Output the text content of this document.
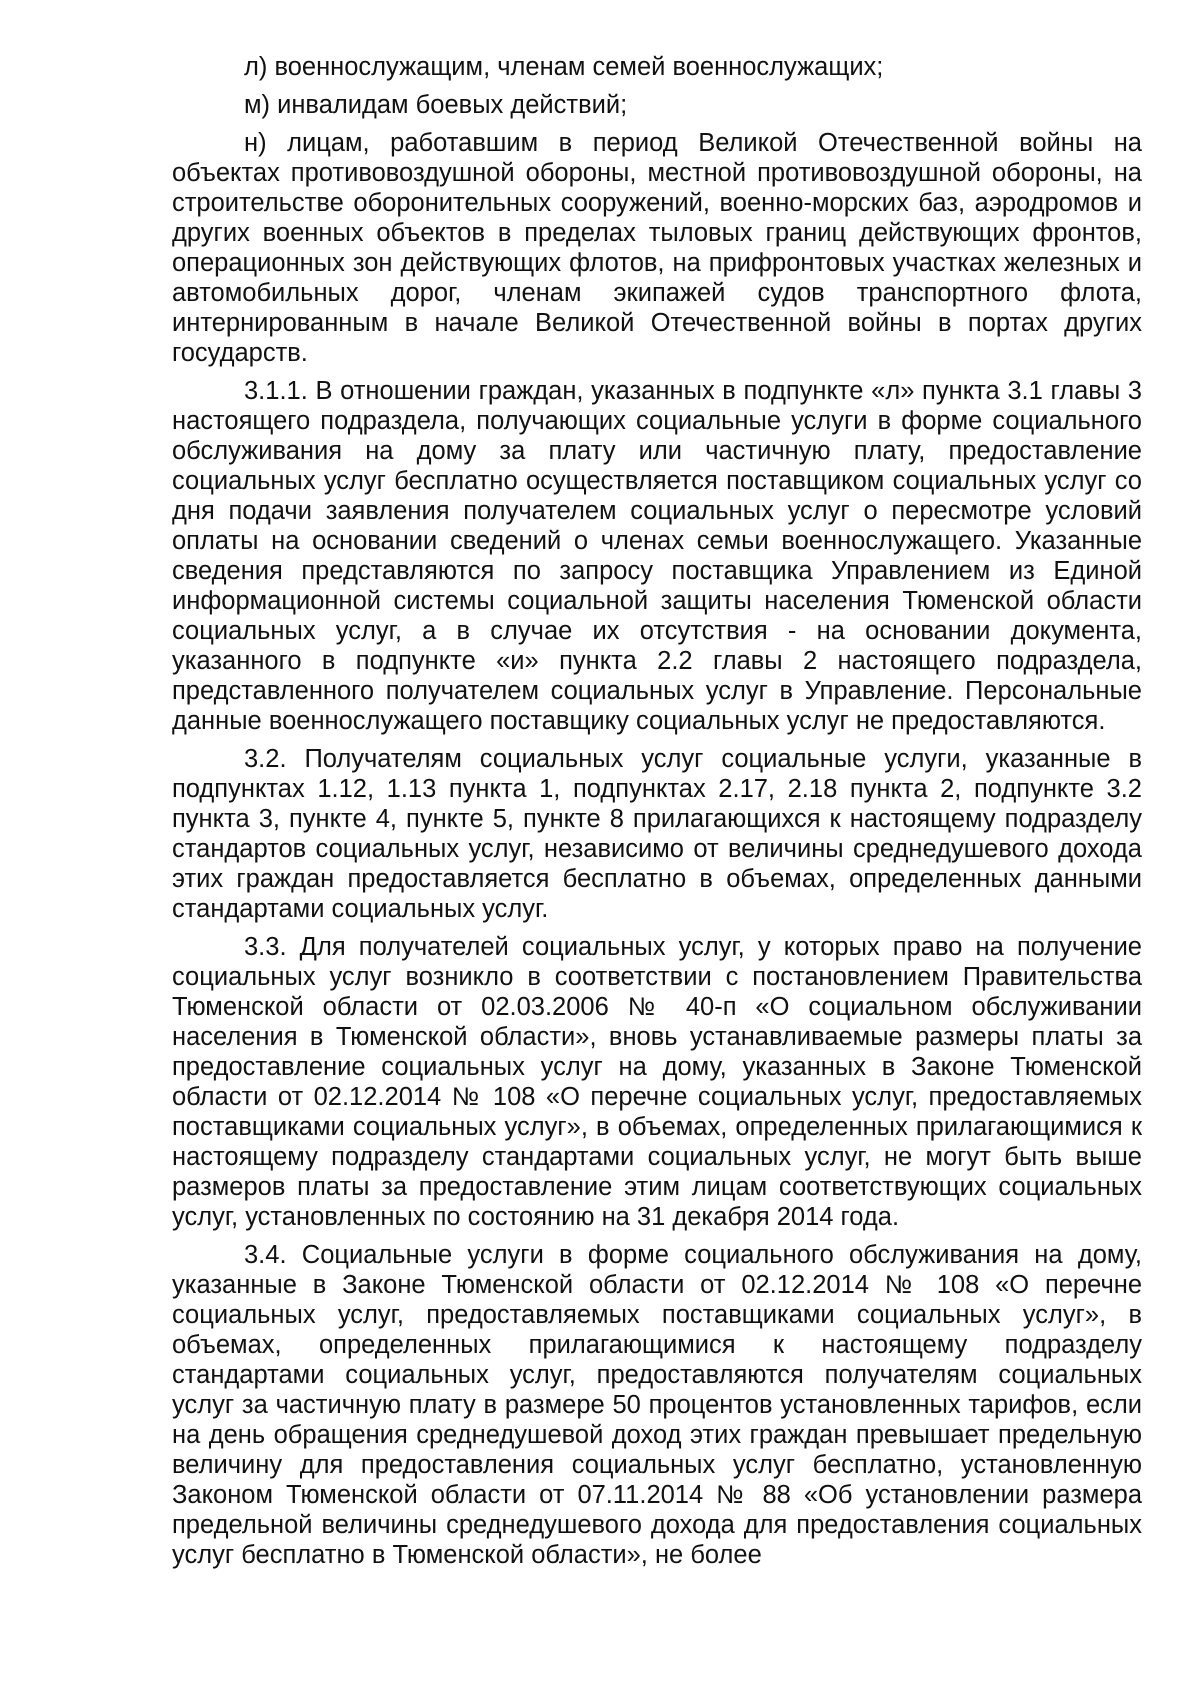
л) военнослужащим, членам семей военнослужащих;

м) инвалидам боевых действий;

н) лицам, работавшим в период Великой Отечественной войны на объектах противовоздушной обороны, местной противовоздушной обороны, на строительстве оборонительных сооружений, военно-морских баз, аэродромов и других военных объектов в пределах тыловых границ действующих фронтов, операционных зон действующих флотов, на прифронтовых участках железных и автомобильных дорог, членам экипажей судов транспортного флота, интернированным в начале Великой Отечественной войны в портах других государств.

3.1.1. В отношении граждан, указанных в подпункте «л» пункта 3.1 главы 3 настоящего подраздела, получающих социальные услуги в форме социального обслуживания на дому за плату или частичную плату, предоставление социальных услуг бесплатно осуществляется поставщиком социальных услуг со дня подачи заявления получателем социальных услуг о пересмотре условий оплаты на основании сведений о членах семьи военнослужащего. Указанные сведения представляются по запросу поставщика Управлением из Единой информационной системы социальной защиты населения Тюменской области социальных услуг, а в случае их отсутствия - на основании документа, указанного в подпункте «и» пункта 2.2 главы 2 настоящего подраздела, представленного получателем социальных услуг в Управление. Персональные данные военнослужащего поставщику социальных услуг не предоставляются.

3.2. Получателям социальных услуг социальные услуги, указанные в подпунктах 1.12, 1.13 пункта 1, подпунктах 2.17, 2.18 пункта 2, подпункте 3.2 пункта 3, пункте 4, пункте 5, пункте 8 прилагающихся к настоящему подразделу стандартов социальных услуг, независимо от величины среднедушевого дохода этих граждан предоставляется бесплатно в объемах, определенных данными стандартами социальных услуг.

3.3. Для получателей социальных услуг, у которых право на получение социальных услуг возникло в соответствии с постановлением Правительства Тюменской области от 02.03.2006 № 40-п «О социальном обслуживании населения в Тюменской области», вновь устанавливаемые размеры платы за предоставление социальных услуг на дому, указанных в Законе Тюменской области от 02.12.2014 № 108 «О перечне социальных услуг, предоставляемых поставщиками социальных услуг», в объемах, определенных прилагающимися к настоящему подразделу стандартами социальных услуг, не могут быть выше размеров платы за предоставление этим лицам соответствующих социальных услуг, установленных по состоянию на 31 декабря 2014 года.

3.4. Социальные услуги в форме социального обслуживания на дому, указанные в Законе Тюменской области от 02.12.2014 № 108 «О перечне социальных услуг, предоставляемых поставщиками социальных услуг», в объемах, определенных прилагающимися к настоящему подразделу стандартами социальных услуг, предоставляются получателям социальных услуг за частичную плату в размере 50 процентов установленных тарифов, если на день обращения среднедушевой доход этих граждан превышает предельную величину для предоставления социальных услуг бесплатно, установленную Законом Тюменской области от 07.11.2014 № 88 «Об установлении размера предельной величины среднедушевого дохода для предоставления социальных услуг бесплатно в Тюменской области», не более
